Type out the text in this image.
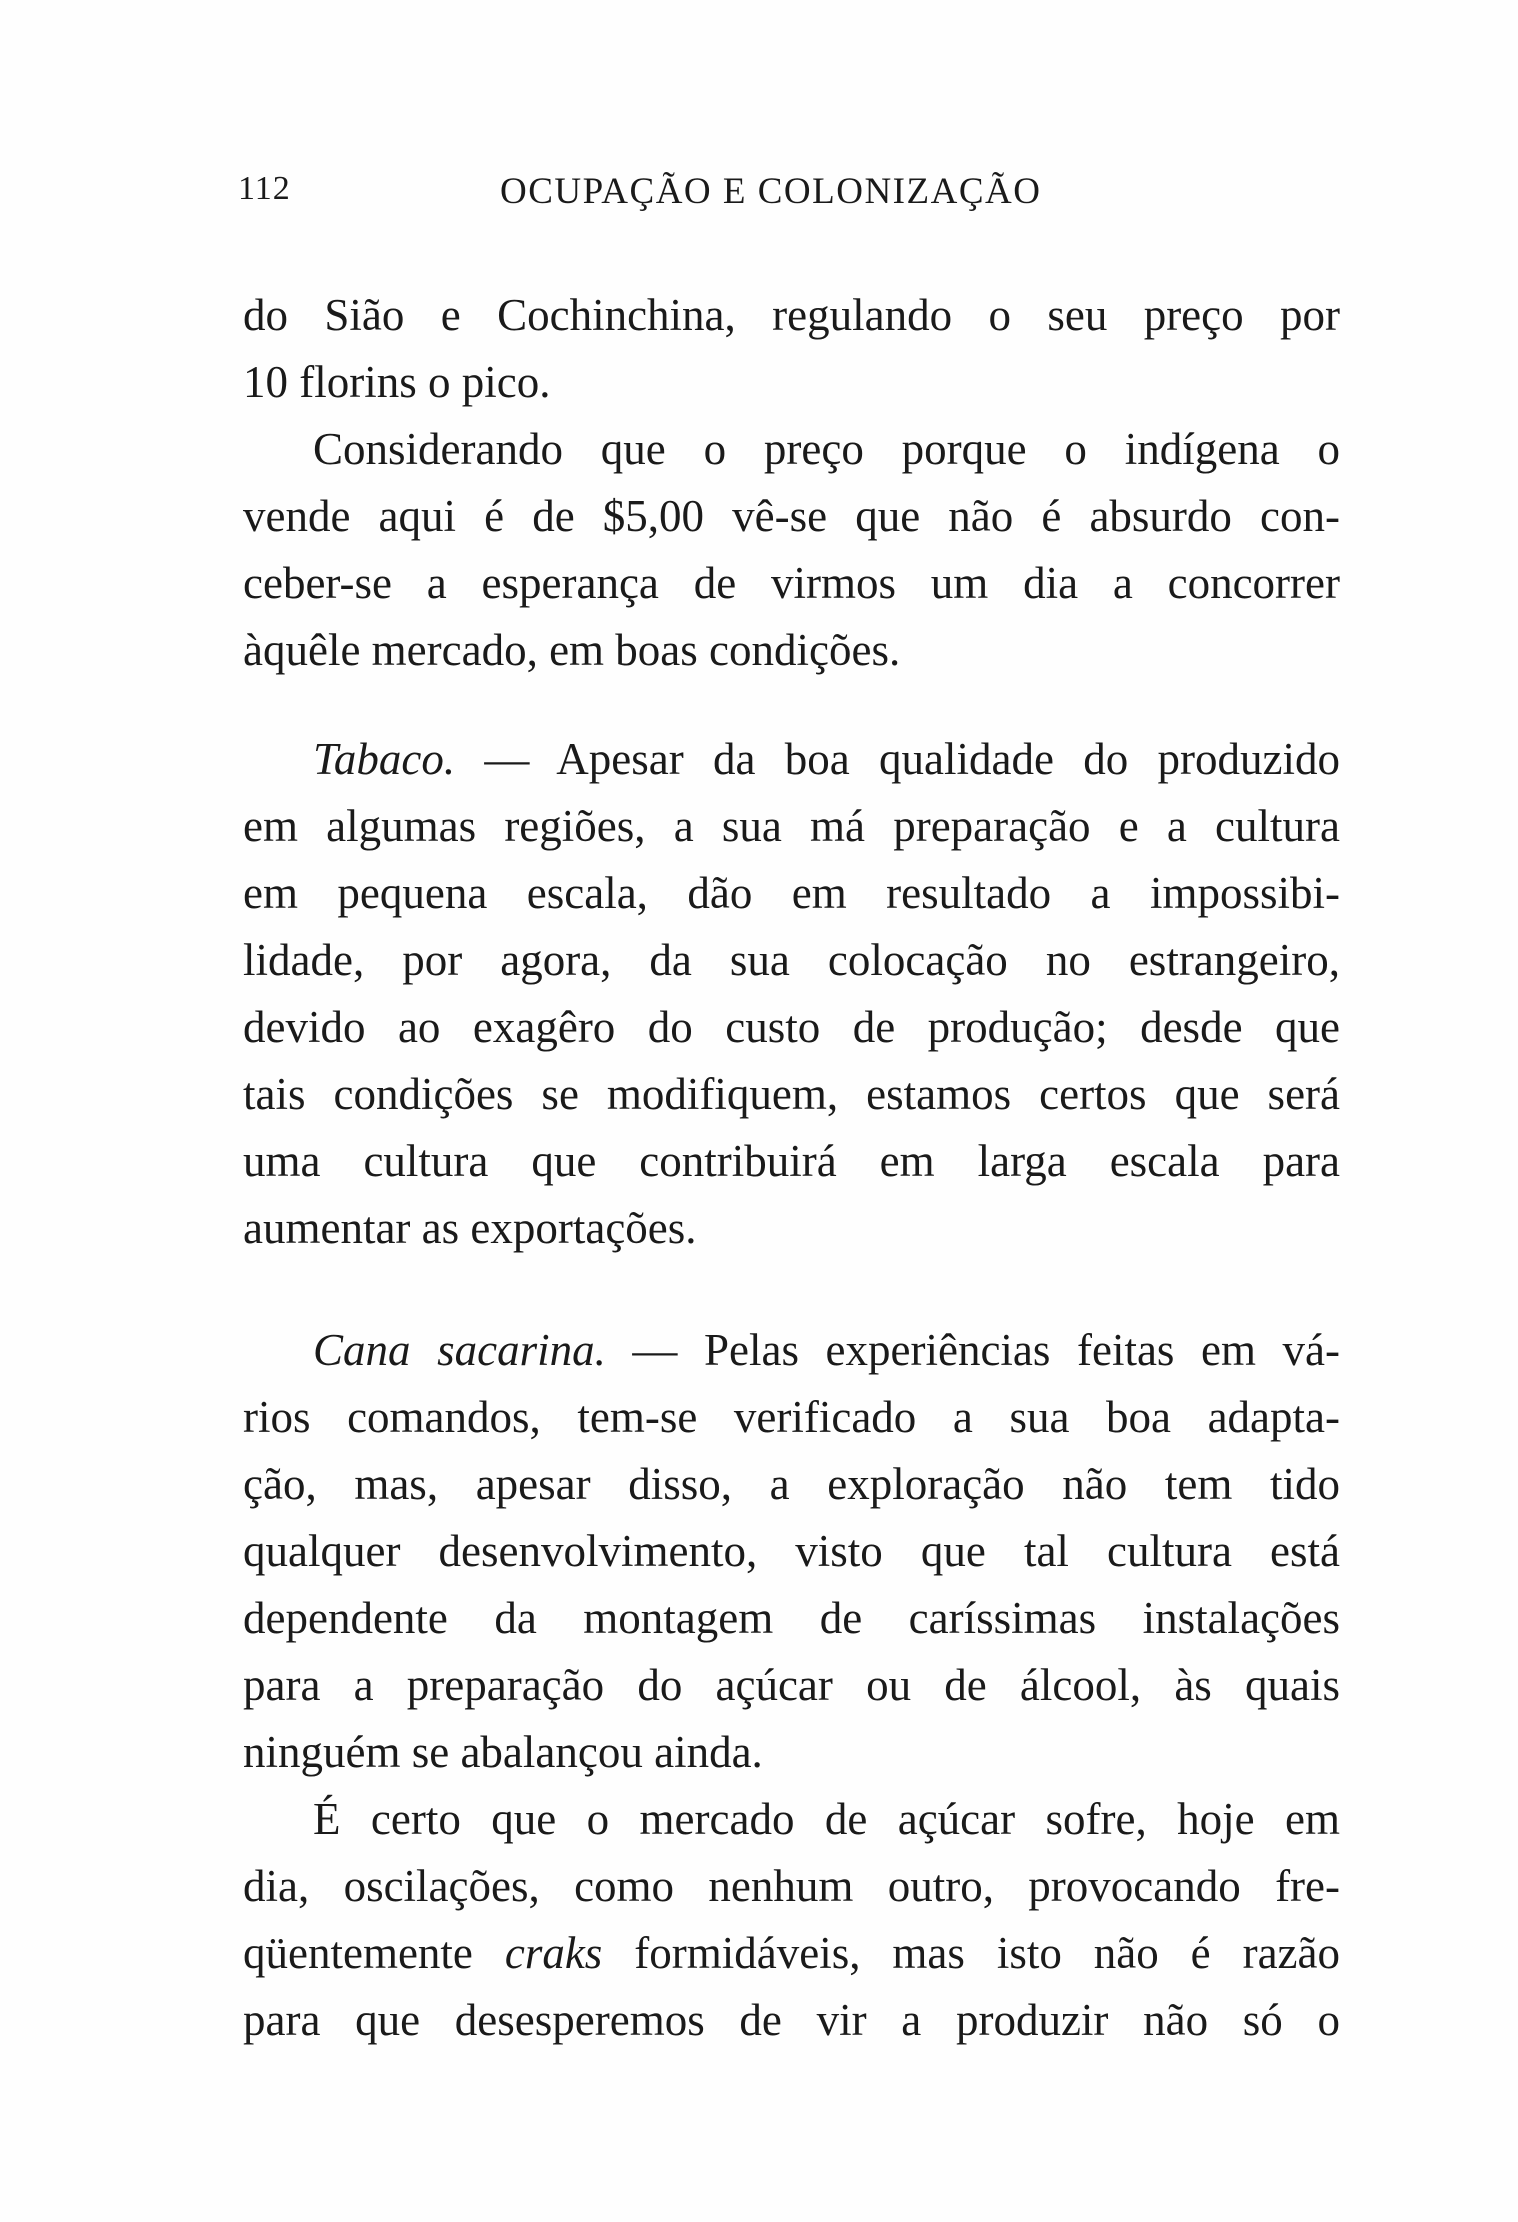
112	OCUPAÇÃO E COLONIZAÇÃO
do Sião e Cochinchina, regulando o seu preço por
10 florins o pico.
Considerando que o preço porque o indígena o
vende aqui é de $5,00 vê-se que não é absurdo con-
ceber-se a esperança de virmos um dia a concorrer
àquêle mercado, em boas condições.
Tabaco. — Apesar da boa qualidade do produzido
em algumas regiões, a sua má preparação e a cultura
em pequena escala, dão em resultado a impossibi-
lidade, por agora, da sua colocação no estrangeiro,
devido ao exagêro do custo de produção; desde que
tais condições se modifiquem, estamos certos que será
uma cultura que contribuirá em larga escala para
aumentar as exportações.
Cana sacarina. — Pelas experiências feitas em vá-
rios comandos, tem-se verificado a sua boa adapta-
ção, mas, apesar disso, a exploração não tem tido
qualquer desenvolvimento, visto que tal cultura está
dependente da montagem de caríssimas instalações
para a preparação do açúcar ou de álcool, às quais
ninguém se abalançou ainda.
É certo que o mercado de açúcar sofre, hoje em
dia, oscilações, como nenhum outro, provocando fre-
qüentemente craks formidáveis, mas isto não é razão
para que desesperemos de vir a produzir não só o
